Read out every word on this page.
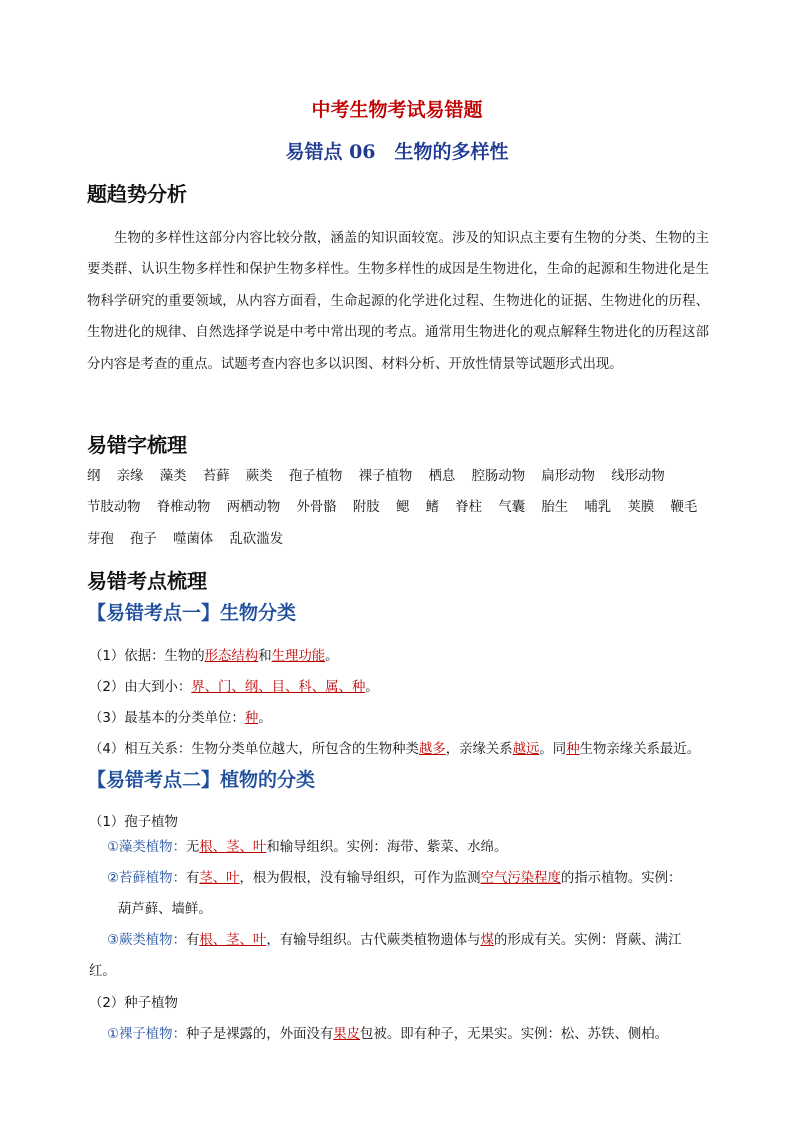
中考生物考试易错题
易错点 06　生物的多样性
题趋势分析
生物的多样性这部分内容比较分散，涵盖的知识面较宽。涉及的知识点主要有生物的分类、生物的主要类群、认识生物多样性和保护生物多样性。生物多样性的成因是生物进化，生命的起源和生物进化是生物科学研究的重要领域，从内容方面看，生命起源的化学进化过程、生物进化的证据、生物进化的历程、生物进化的规律、自然选择学说是中考中常出现的考点。通常用生物进化的观点解释生物进化的历程这部分内容是考查的重点。试题考查内容也多以识图、材料分析、开放性情景等试题形式出现。
易错字梳理
纲 亲缘 藻类 苔藓 蕨类 孢子植物 裸子植物 栖息 腔肠动物 扁形动物 线形动物 节肢动物 脊椎动物 两栖动物 外骨骼 附肢 鳃 鳍 脊柱 气囊 胎生 哺乳 荚膜 鞭毛 芽孢 孢子 噬菌体 乱砍滥发
易错考点梳理
【易错考点一】生物分类
（1）依据：生物的形态结构和生理功能。
（2）由大到小：界、门、纲、目、科、属、种。
（3）最基本的分类单位：种。
（4）相互关系：生物分类单位越大，所包含的生物种类越多，亲缘关系越远。同种生物亲缘关系最近。
【易错考点二】植物的分类
（1）孢子植物
①藻类植物：无根、茎、叶和输导组织。实例：海带、紫菜、水绵。
②苔藓植物：有茎、叶，根为假根，没有输导组织，可作为监测空气污染程度的指示植物。实例：
葫芦藓、墙鲜。
③蕨类植物：有根、茎、叶，有输导组织。古代蕨类植物遗体与煤的形成有关。实例：肾蕨、满江
红。
（2）种子植物
①裸子植物：种子是裸露的，外面没有果皮包被。即有种子，无果实。实例：松、苏铁、侧柏。
